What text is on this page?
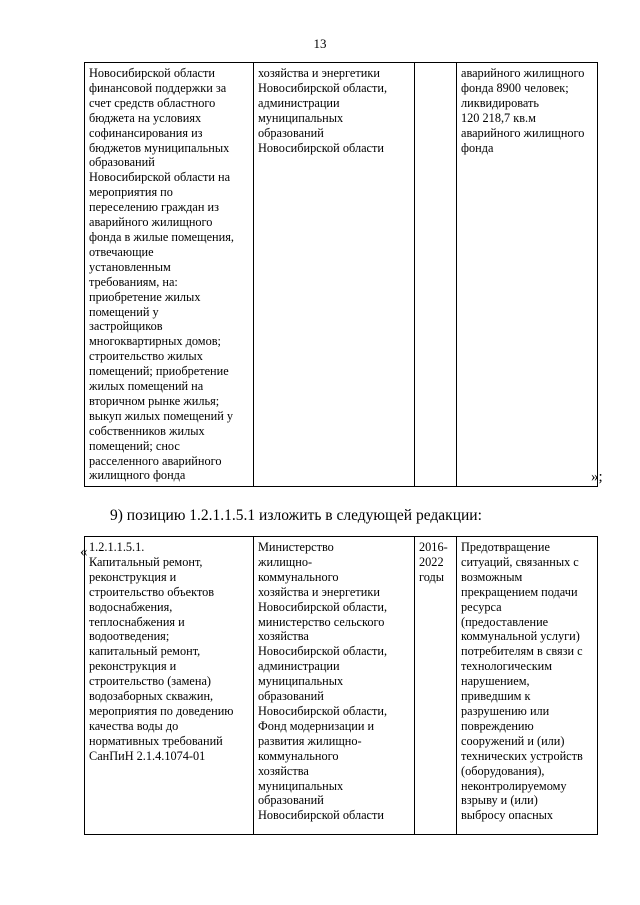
13
Новосибирской области
финансовой поддержки за
счет средств областного
бюджета на условиях
софинансирования из
бюджетов муниципальных
образований
Новосибирской области на
мероприятия по
переселению граждан из
аварийного жилищного
фонда в жилые помещения,
отвечающие
установленным
требованиям, на:
приобретение жилых
помещений у
застройщиков
многоквартирных домов;
строительство жилых
помещений; приобретение
жилых помещений на
вторичном рынке жилья;
выкуп жилых помещений у
собственников жилых
помещений; снос
расселенного аварийного
жилищного фонда	хозяйства и энергетики
Новосибирской области,
администрации
муниципальных
образований
Новосибирской области		аварийного жилищного
фонда 8900 человек;
ликвидировать
120 218,7 кв.м
аварийного жилищного
фонда
»;
9) позицию 1.2.1.1.5.1 изложить в следующей редакции:
« 1.2.1.1.5.1.
Капитальный ремонт,
реконструкция и
строительство объектов
водоснабжения,
теплоснабжения и
водоотведения;
капитальный ремонт,
реконструкция и
строительство (замена)
водозаборных скважин,
мероприятия по доведению
качества воды до
нормативных требований
СанПиН 2.1.4.1074-01	Министерство
жилищно-
коммунального
хозяйства и энергетики
Новосибирской области,
министерство сельского
хозяйства
Новосибирской области,
администрации
муниципальных
образований
Новосибирской области,
Фонд модернизации и
развития жилищно-
коммунального
хозяйства
муниципальных
образований
Новосибирской области	2016-
2022
годы	Предотвращение
ситуаций, связанных с
возможным
прекращением подачи
ресурса
(предоставление
коммунальной услуги)
потребителям в связи с
технологическим
нарушением,
приведшим к
разрушению или
повреждению
сооружений и (или)
технических устройств
(оборудования),
неконтролируемому
взрыву и (или)
выбросу опасных
